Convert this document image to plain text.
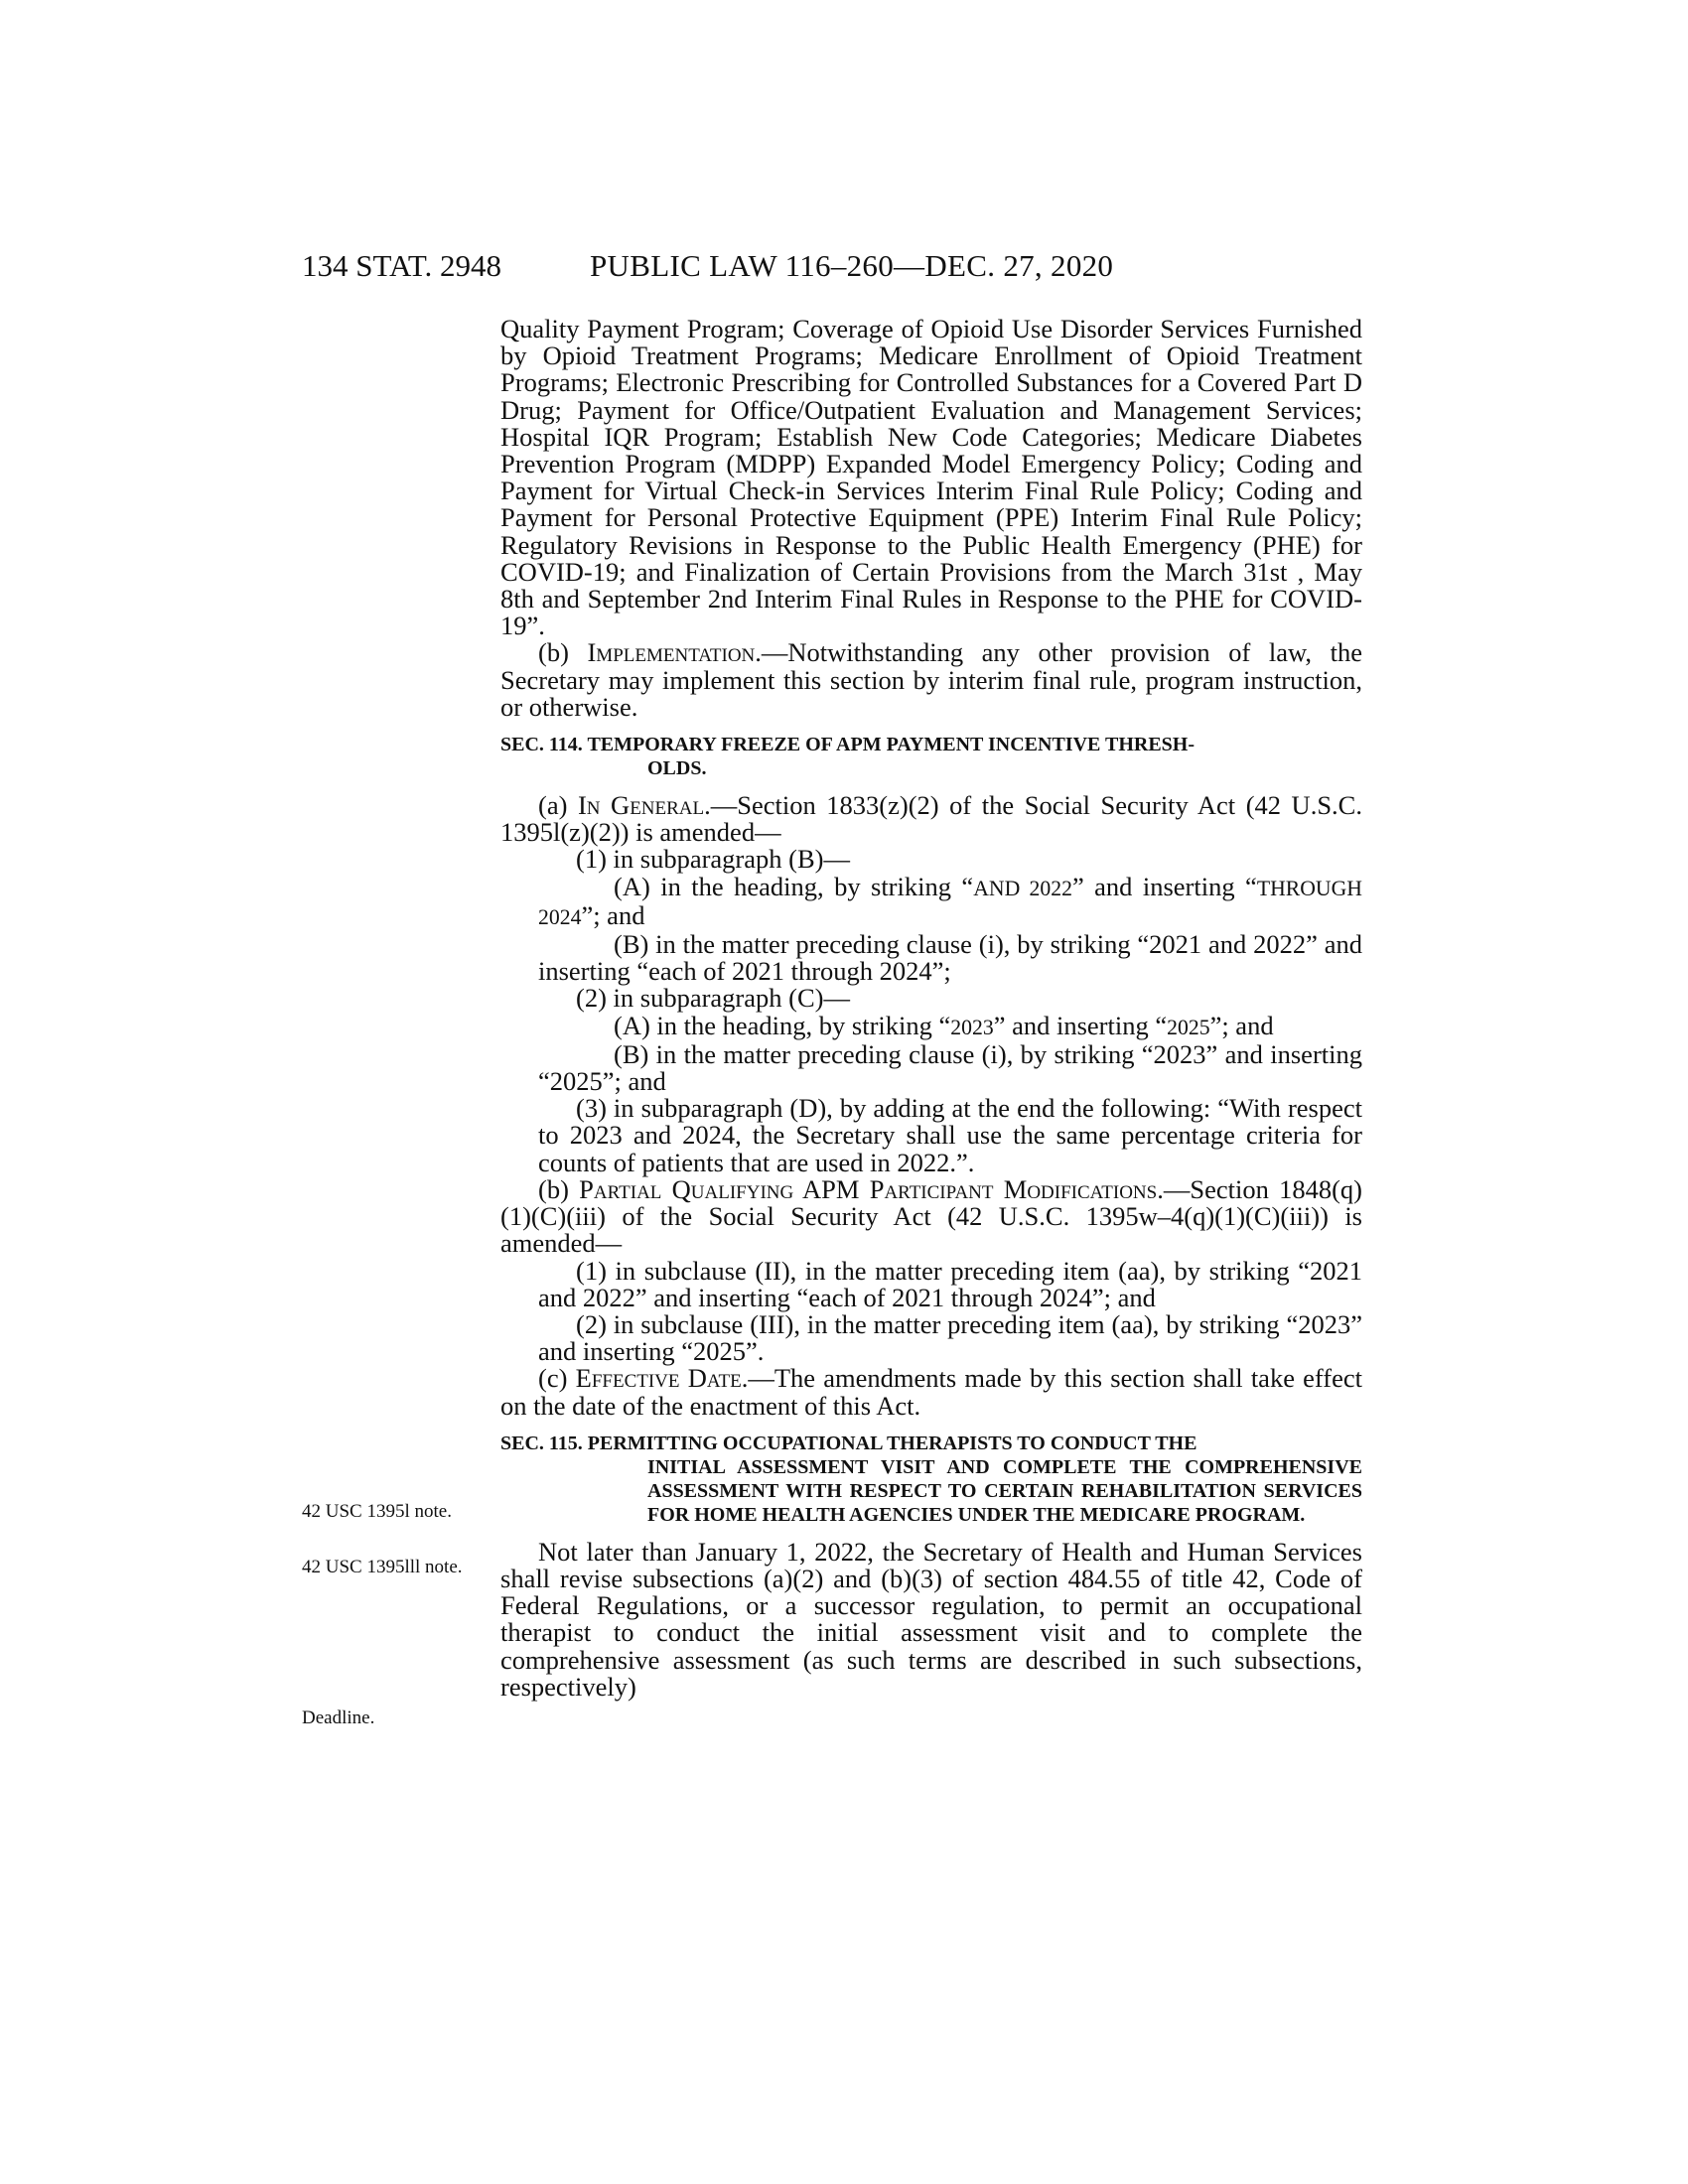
134 STAT. 2948	PUBLIC LAW 116–260—DEC. 27, 2020
42 USC 1395l note.
42 USC 1395lll note.
Deadline.

Quality Payment Program; Coverage of Opioid Use Disorder Services Furnished by Opioid Treatment Programs; Medicare Enrollment of Opioid Treatment Programs; Electronic Prescribing for Controlled Substances for a Covered Part D Drug; Payment for Office/Outpatient Evaluation and Management Services; Hospital IQR Program; Establish New Code Categories; Medicare Diabetes Prevention Program (MDPP) Expanded Model Emergency Policy; Coding and Payment for Virtual Check-in Services Interim Final Rule Policy; Coding and Payment for Personal Protective Equipment (PPE) Interim Final Rule Policy; Regulatory Revisions in Response to the Public Health Emergency (PHE) for COVID-19; and Finalization of Certain Provisions from the March 31st , May 8th and September 2nd Interim Final Rules in Response to the PHE for COVID-19”.

(b) Implementation.—Notwithstanding any other provision of law, the Secretary may implement this section by interim final rule, program instruction, or otherwise.

SEC. 114. TEMPORARY FREEZE OF APM PAYMENT INCENTIVE THRESH-
OLDS.

(a) In General.—Section 1833(z)(2) of the Social Security Act (42 U.S.C. 1395l(z)(2)) is amended—

(1) in subparagraph (B)—

(A) in the heading, by striking “AND 2022” and inserting “THROUGH 2024”; and

(B) in the matter preceding clause (i), by striking “2021 and 2022” and inserting “each of 2021 through 2024”;

(2) in subparagraph (C)—

(A) in the heading, by striking “2023” and inserting “2025”; and

(B) in the matter preceding clause (i), by striking “2023” and inserting “2025”; and

(3) in subparagraph (D), by adding at the end the following: “With respect to 2023 and 2024, the Secretary shall use the same percentage criteria for counts of patients that are used in 2022.”.

(b) Partial Qualifying APM Participant Modifications.—Section 1848(q)(1)(C)(iii) of the Social Security Act (42 U.S.C. 1395w–4(q)(1)(C)(iii)) is amended—

(1) in subclause (II), in the matter preceding item (aa), by striking “2021 and 2022” and inserting “each of 2021 through 2024”; and

(2) in subclause (III), in the matter preceding item (aa), by striking “2023” and inserting “2025”.

(c) Effective Date.—The amendments made by this section shall take effect on the date of the enactment of this Act.

SEC. 115. PERMITTING OCCUPATIONAL THERAPISTS TO CONDUCT THE
INITIAL ASSESSMENT VISIT AND COMPLETE THE COMPREHENSIVE ASSESSMENT WITH RESPECT TO CERTAIN REHABILITATION SERVICES FOR HOME HEALTH AGENCIES UNDER THE MEDICARE PROGRAM.

Not later than January 1, 2022, the Secretary of Health and Human Services shall revise subsections (a)(2) and (b)(3) of section 484.55 of title 42, Code of Federal Regulations, or a successor regulation, to permit an occupational therapist to conduct the initial assessment visit and to complete the comprehensive assessment (as such terms are described in such subsections, respectively)
